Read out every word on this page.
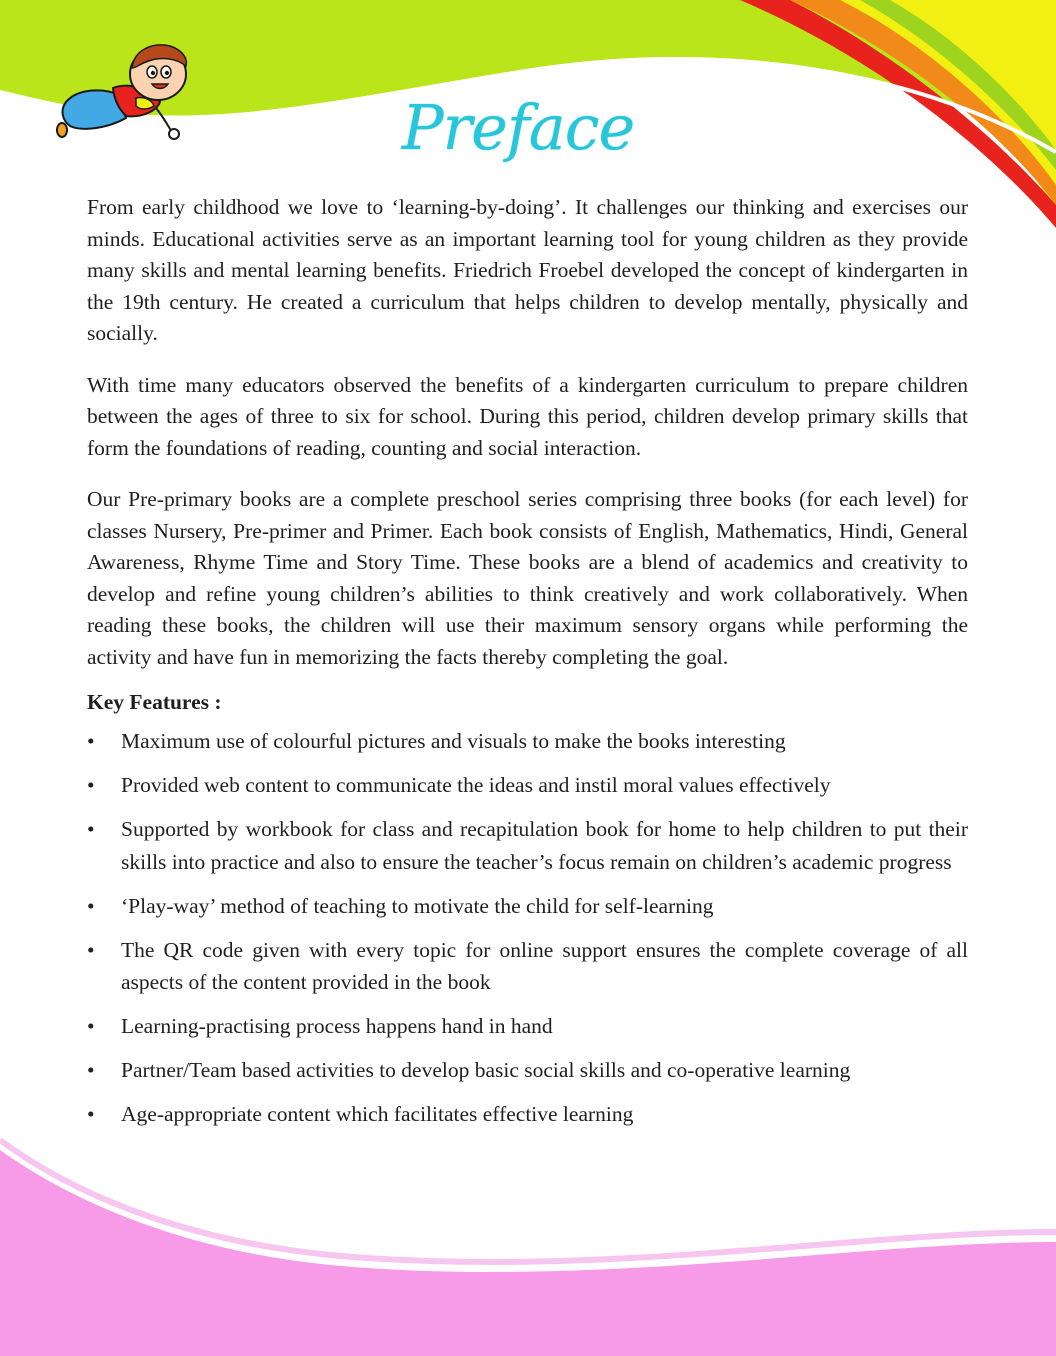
Preface

From early childhood we love to ‘learning-by-doing’. It challenges our thinking and exercises our minds. Educational activities serve as an important learning tool for young children as they provide many skills and mental learning benefits. Friedrich Froebel developed the concept of kindergarten in the 19th century. He created a curriculum that helps children to develop mentally, physically and socially.

With time many educators observed the benefits of a kindergarten curriculum to prepare children between the ages of three to six for school. During this period, children develop primary skills that form the foundations of reading, counting and social interaction.

Our Pre-primary books are a complete preschool series comprising three books (for each level) for classes Nursery, Pre-primer and Primer. Each book consists of English, Mathematics, Hindi, General Awareness, Rhyme Time and Story Time. These books are a blend of academics and creativity to develop and refine young children’s abilities to think creatively and work collaboratively. When reading these books, the children will use their maximum sensory organs while performing the activity and have fun in memorizing the facts thereby completing the goal.

Key Features :
• Maximum use of colourful pictures and visuals to make the books interesting
• Provided web content to communicate the ideas and instil moral values effectively
• Supported by workbook for class and recapitulation book for home to help children to put their skills into practice and also to ensure the teacher’s focus remain on children’s academic progress
• ‘Play-way’ method of teaching to motivate the child for self-learning
• The QR code given with every topic for online support ensures the complete coverage of all aspects of the content provided in the book
• Learning-practising process happens hand in hand
• Partner/Team based activities to develop basic social skills and co-operative learning
• Age-appropriate content which facilitates effective learning
